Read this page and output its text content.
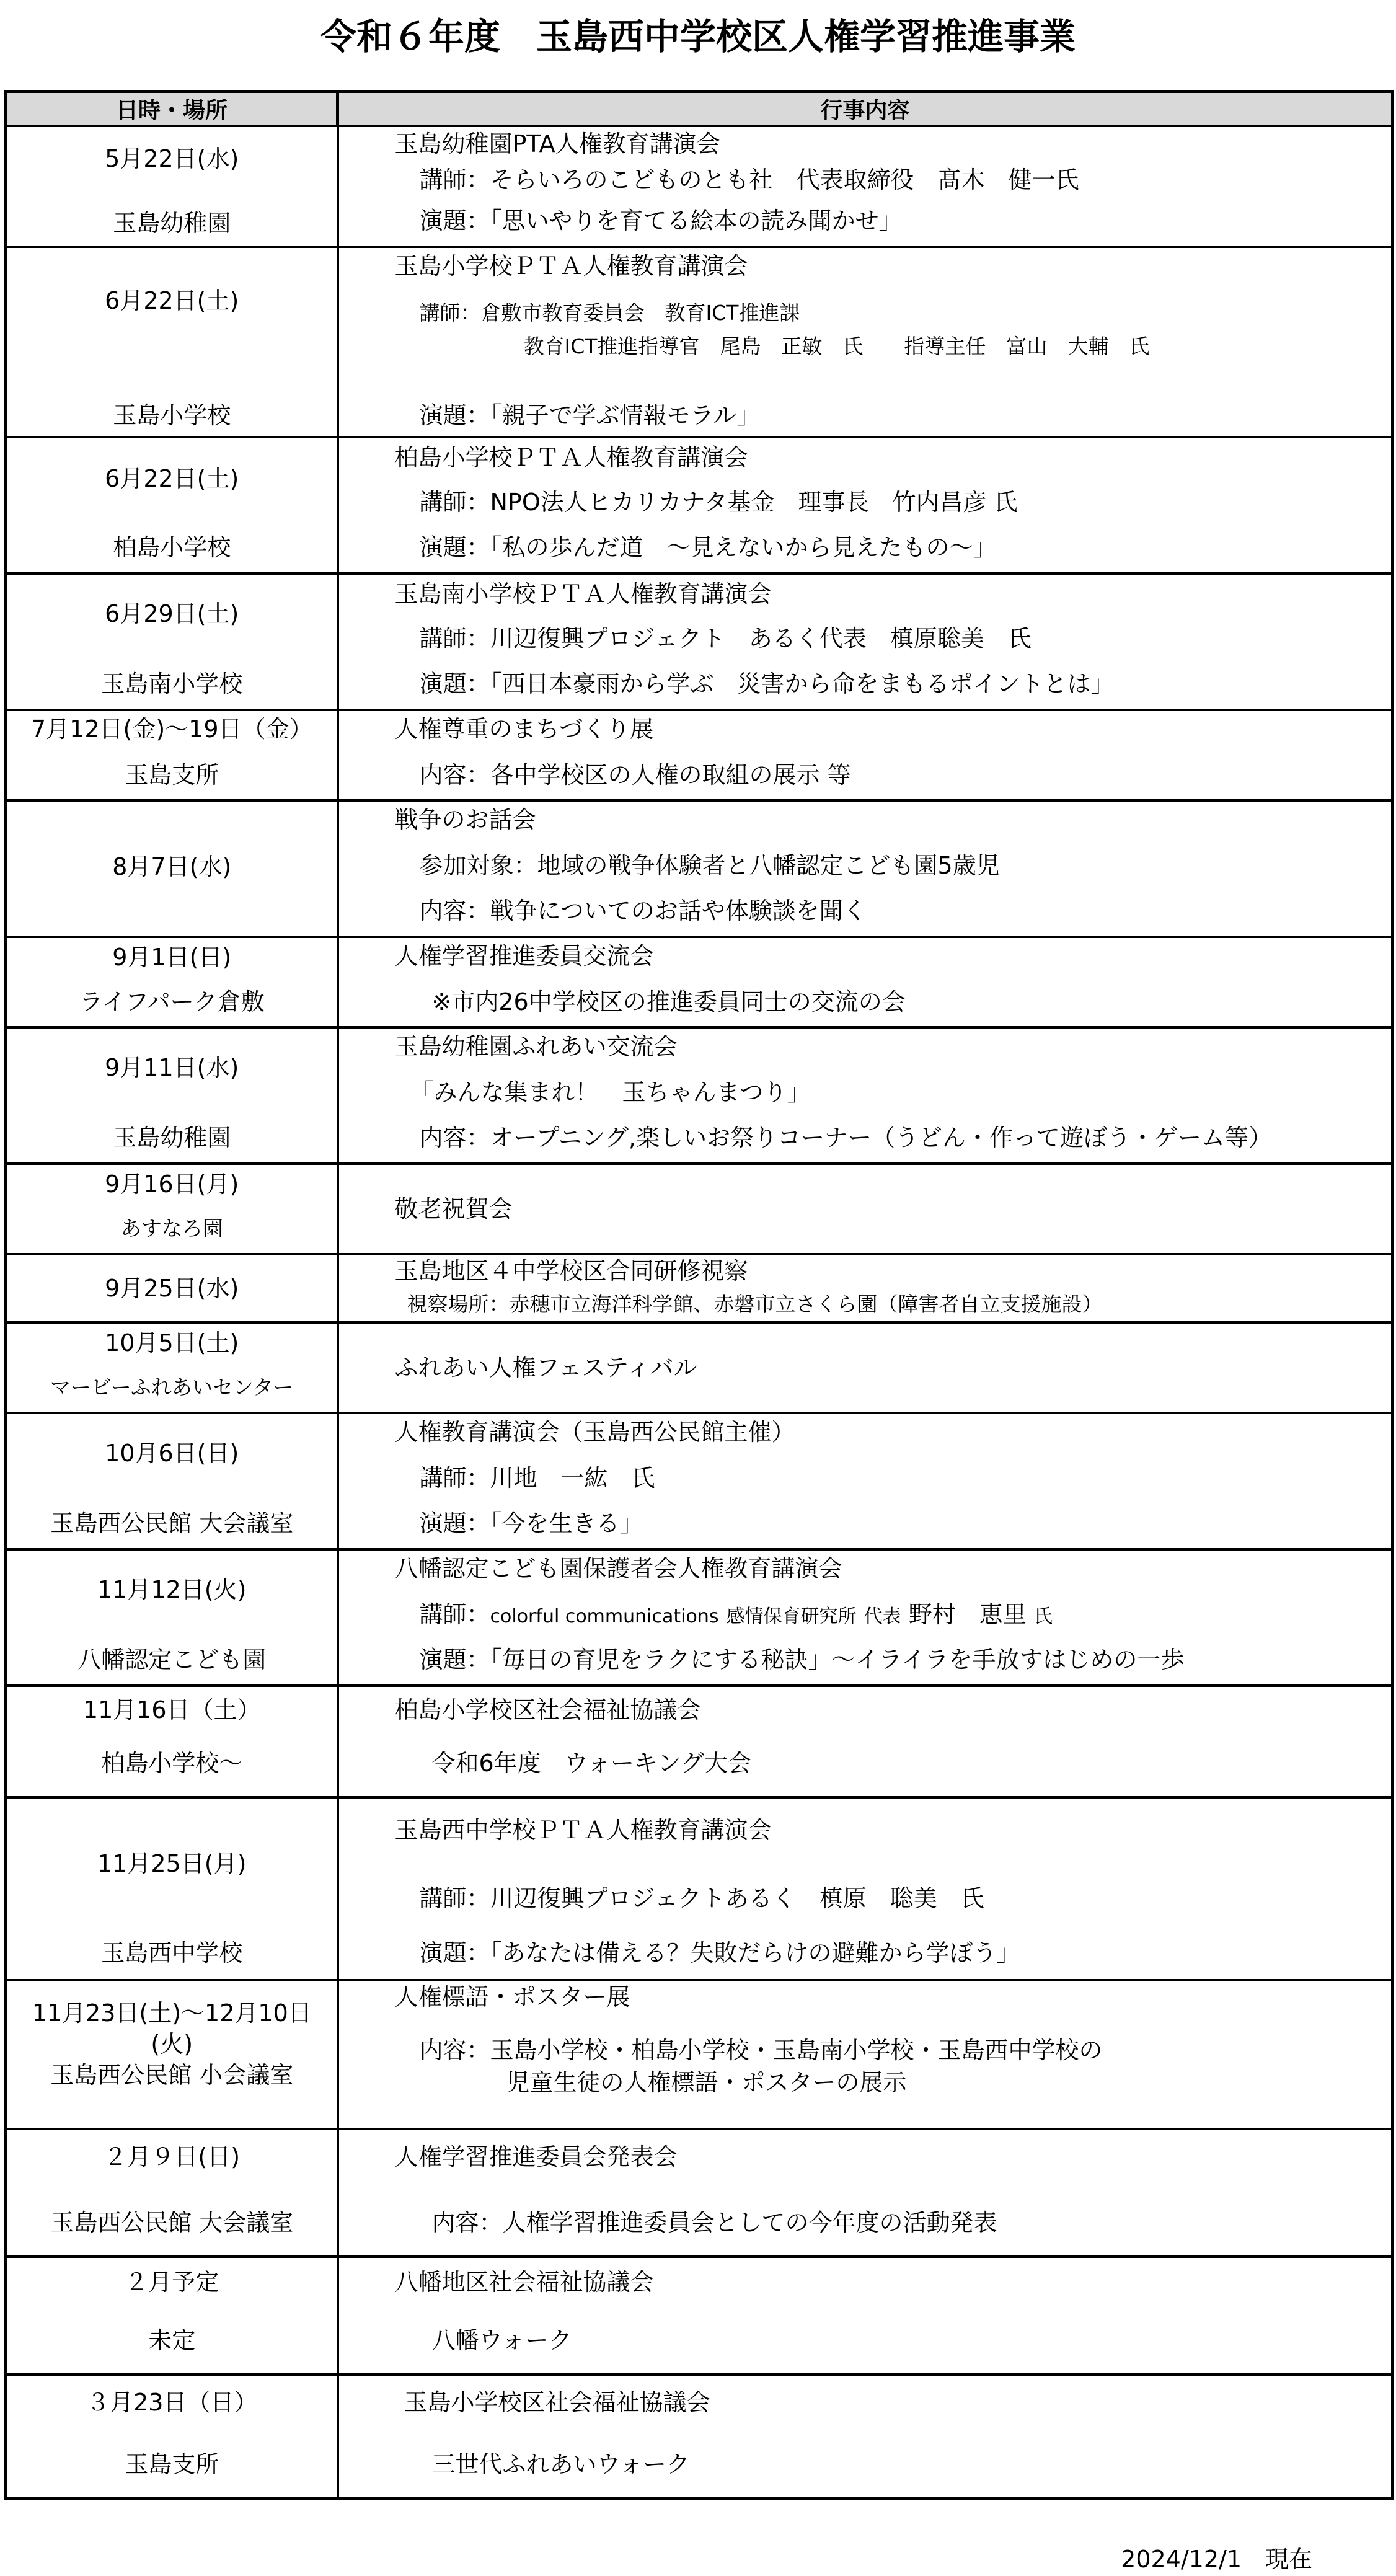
令和６年度　玉島西中学校区人権学習推進事業
日時・場所	行事内容

5月22日(水)
玉島幼稚園	玉島幼稚園PTA人権教育講演会
講師：そらいろのこどものとも社　代表取締役　髙木　健一氏
演題：「思いやりを育てる絵本の読み聞かせ」

6月22日(土)
玉島小学校	玉島小学校ＰＴＡ人権教育講演会
講師：倉敷市教育委員会　教育ICT推進課
教育ICT推進指導官　尾島　正敏　氏　　指導主任　富山　大輔　氏
演題：「親子で学ぶ情報モラル」

6月22日(土)
柏島小学校	柏島小学校ＰＴＡ人権教育講演会
講師：NPO法人ヒカリカナタ基金　理事長　竹内昌彦 氏
演題：「私の歩んだ道　～見えないから見えたもの～」

6月29日(土)
玉島南小学校	玉島南小学校ＰＴＡ人権教育講演会
講師：川辺復興プロジェクト　あるく代表　槙原聡美　氏
演題：「西日本豪雨から学ぶ　災害から命をまもるポイントとは」

7月12日(金)～19日（金）
玉島支所	人権尊重のまちづくり展
内容：各中学校区の人権の取組の展示 等

8月7日(水)	戦争のお話会
参加対象：地域の戦争体験者と八幡認定こども園5歳児
内容：戦争についてのお話や体験談を聞く

9月1日(日)
ライフパーク倉敷	人権学習推進委員交流会
※市内26中学校区の推進委員同士の交流の会

9月11日(水)
玉島幼稚園	玉島幼稚園ふれあい交流会
「みんな集まれ！　玉ちゃんまつり」
内容：オープニング,楽しいお祭りコーナー（うどん・作って遊ぼう・ゲーム等）

9月16日(月)
あすなろ園	敬老祝賀会

9月25日(水)	玉島地区４中学校区合同研修視察
視察場所：赤穂市立海洋科学館、赤磐市立さくら園（障害者自立支援施設）

10月5日(土)
マービーふれあいセンター	ふれあい人権フェスティバル

10月6日(日)
玉島西公民館 大会議室	人権教育講演会（玉島西公民館主催）
講師：川地　一紘　氏
演題：「今を生きる」

11月12日(火)
八幡認定こども園	八幡認定こども園保護者会人権教育講演会
講師：colorful communications 感情保育研究所 代表 野村　恵里 氏
演題：「毎日の育児をラクにする秘訣」～イライラを手放すはじめの一歩

11月16日（土）
柏島小学校～	柏島小学校区社会福祉協議会
令和6年度　ウォーキング大会

11月25日(月)
玉島西中学校	玉島西中学校ＰＴＡ人権教育講演会
講師：川辺復興プロジェクトあるく　槙原　聡美　氏
演題：「あなたは備える？失敗だらけの避難から学ぼう」

11月23日(土)～12月10日
(火)
玉島西公民館 小会議室	人権標語・ポスター展
内容：玉島小学校・柏島小学校・玉島南小学校・玉島西中学校の
児童生徒の人権標語・ポスターの展示

２月９日(日)
玉島西公民館 大会議室	人権学習推進委員会発表会
内容：人権学習推進委員会としての今年度の活動発表

２月予定
未定	八幡地区社会福祉協議会
八幡ウォーク

３月23日（日）
玉島支所	玉島小学校区社会福祉協議会
三世代ふれあいウォーク
2024/12/1　現在
